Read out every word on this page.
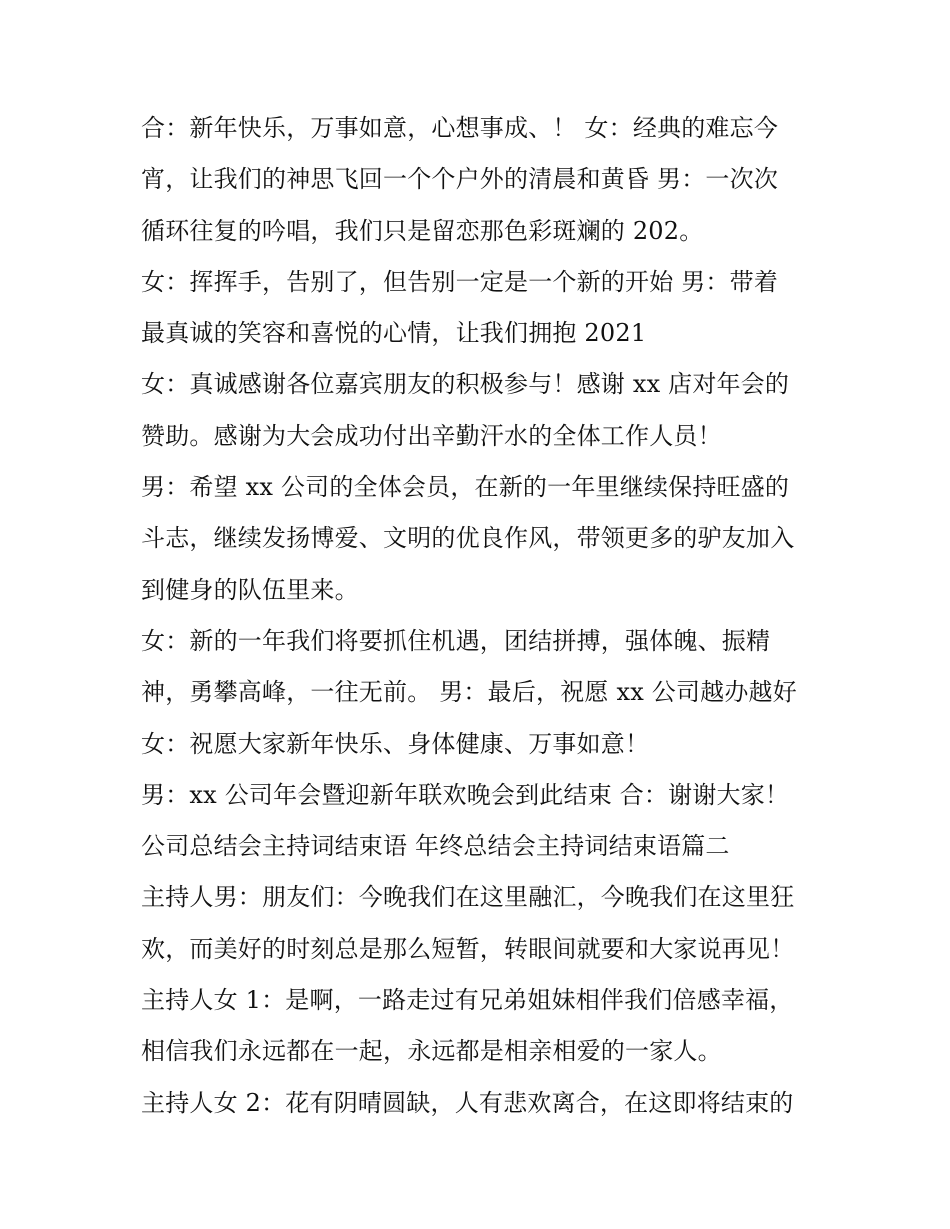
合：新年快乐，万事如意，心想事成、！ 女：经典的难忘今
宵，让我们的神思飞回一个个户外的清晨和黄昏 男：一次次
循环往复的吟唱，我们只是留恋那色彩斑斓的 202。
女：挥挥手，告别了，但告别一定是一个新的开始 男：带着
最真诚的笑容和喜悦的心情，让我们拥抱 2021
女：真诚感谢各位嘉宾朋友的积极参与！感谢 xx 店对年会的
赞助。感谢为大会成功付出辛勤汗水的全体工作人员！
男：希望 xx 公司的全体会员，在新的一年里继续保持旺盛的
斗志，继续发扬博爱、文明的优良作风，带领更多的驴友加入
到健身的队伍里来。
女：新的一年我们将要抓住机遇，团结拼搏，强体魄、振精
神，勇攀高峰，一往无前。 男：最后，祝愿 xx 公司越办越好
女：祝愿大家新年快乐、身体健康、万事如意！
男：xx 公司年会暨迎新年联欢晚会到此结束 合：谢谢大家！
公司总结会主持词结束语 年终总结会主持词结束语篇二
主持人男：朋友们：今晚我们在这里融汇，今晚我们在这里狂
欢，而美好的时刻总是那么短暂，转眼间就要和大家说再见！
主持人女 1：是啊，一路走过有兄弟姐妹相伴我们倍感幸福，
相信我们永远都在一起，永远都是相亲相爱的一家人。
主持人女 2：花有阴晴圆缺，人有悲欢离合，在这即将结束的
